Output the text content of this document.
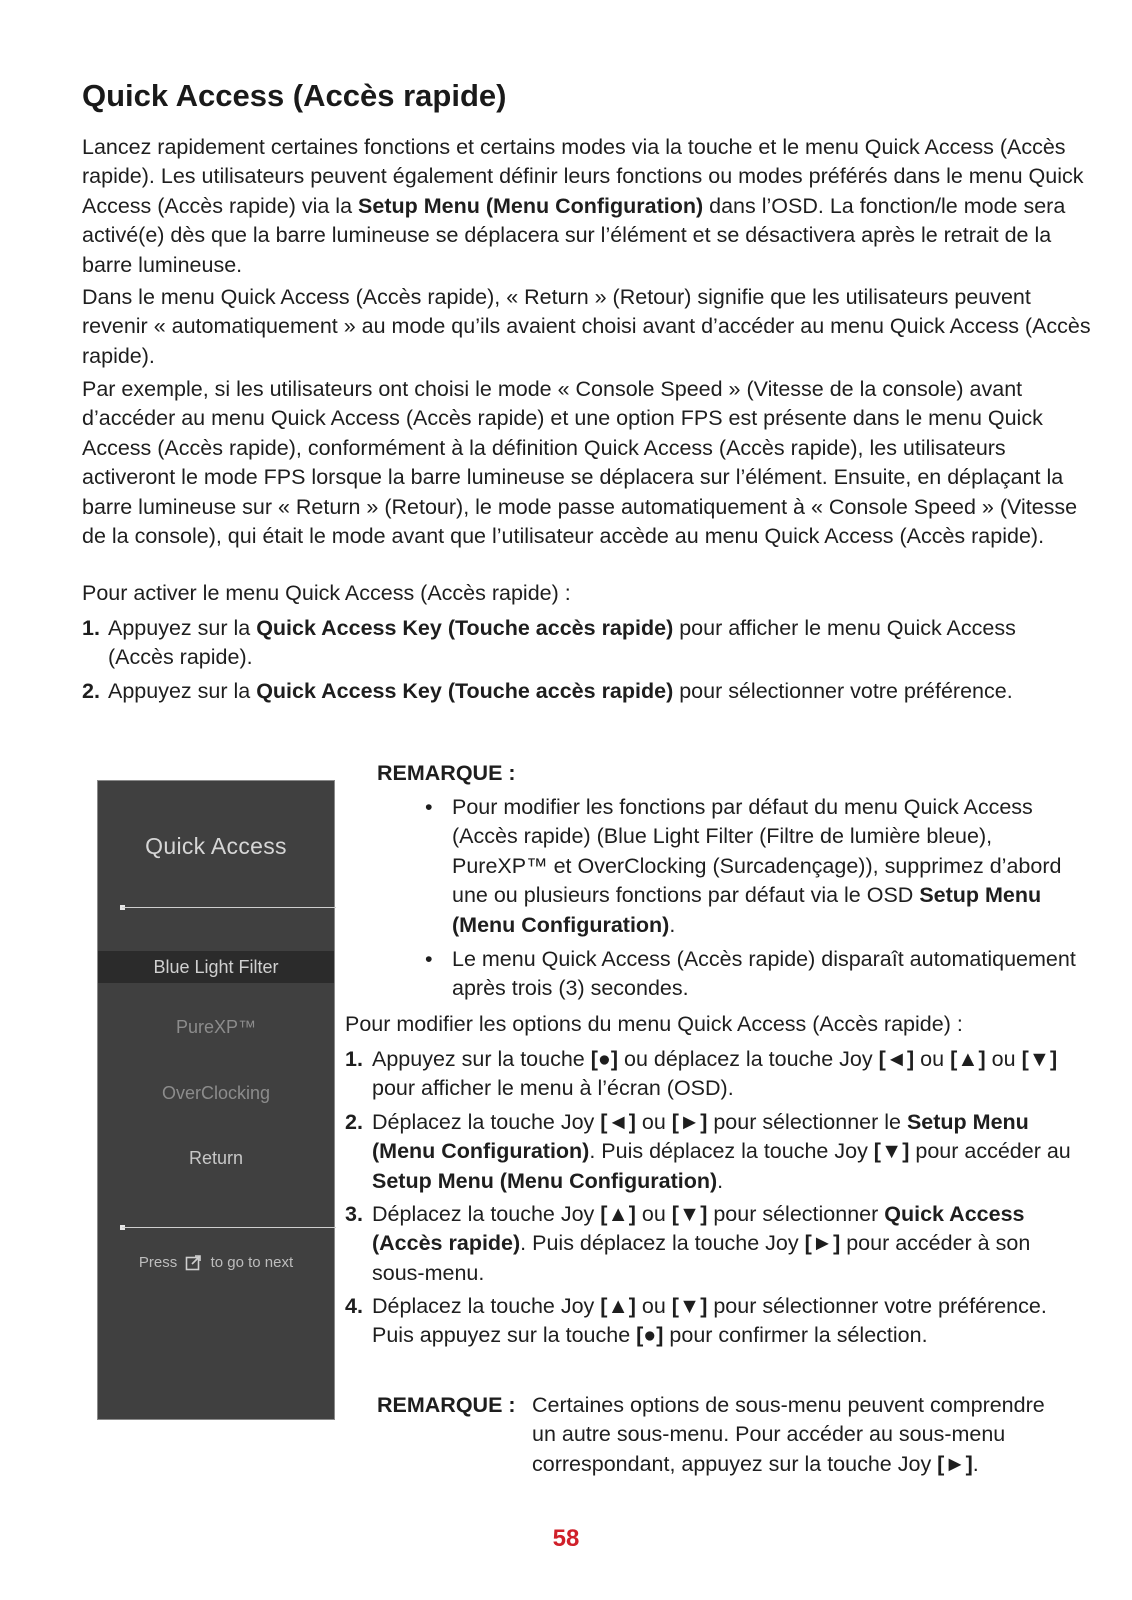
Quick Access (Accès rapide)

Lancez rapidement certaines fonctions et certains modes via la touche et le menu Quick Access (Accès rapide). Les utilisateurs peuvent également définir leurs fonctions ou modes préférés dans le menu Quick Access (Accès rapide) via la Setup Menu (Menu Configuration) dans l’OSD. La fonction/le mode sera activé(e) dès que la barre lumineuse se déplacera sur l’élément et se désactivera après le retrait de la barre lumineuse.

Dans le menu Quick Access (Accès rapide), « Return » (Retour) signifie que les utilisateurs peuvent revenir « automatiquement » au mode qu’ils avaient choisi avant d’accéder au menu Quick Access (Accès rapide).

Par exemple, si les utilisateurs ont choisi le mode « Console Speed » (Vitesse de la console) avant d’accéder au menu Quick Access (Accès rapide) et une option FPS est présente dans le menu Quick Access (Accès rapide), conformément à la définition Quick Access (Accès rapide), les utilisateurs activeront le mode FPS lorsque la barre lumineuse se déplacera sur l’élément. Ensuite, en déplaçant la barre lumineuse sur « Return » (Retour), le mode passe automatiquement à « Console Speed » (Vitesse de la console), qui était le mode avant que l’utilisateur accède au menu Quick Access (Accès rapide).

Pour activer le menu Quick Access (Accès rapide) :

1. Appuyez sur la Quick Access Key (Touche accès rapide) pour afficher le menu Quick Access (Accès rapide).
2. Appuyez sur la Quick Access Key (Touche accès rapide) pour sélectionner votre préférence.
Quick Access
Blue Light Filter
PureXP™
OverClocking
Return
Press to go to next
REMARQUE :
• Pour modifier les fonctions par défaut du menu Quick Access (Accès rapide) (Blue Light Filter (Filtre de lumière bleue), PureXP™ et OverClocking (Surcadençage)), supprimez d’abord une ou plusieurs fonctions par défaut via le OSD Setup Menu (Menu Configuration).
• Le menu Quick Access (Accès rapide) disparaît automatiquement après trois (3) secondes.
Pour modifier les options du menu Quick Access (Accès rapide) :
1. Appuyez sur la touche [●] ou déplacez la touche Joy [◄] ou [▲] ou [▼] pour afficher le menu à l’écran (OSD).
2. Déplacez la touche Joy [◄] ou [►] pour sélectionner le Setup Menu (Menu Configuration). Puis déplacez la touche Joy [▼] pour accéder au Setup Menu (Menu Configuration).
3. Déplacez la touche Joy [▲] ou [▼] pour sélectionner Quick Access (Accès rapide). Puis déplacez la touche Joy [►] pour accéder à son sous-menu.
4. Déplacez la touche Joy [▲] ou [▼] pour sélectionner votre préférence. Puis appuyez sur la touche [●] pour confirmer la sélection.
REMARQUE : Certaines options de sous-menu peuvent comprendre un autre sous-menu. Pour accéder au sous-menu correspondant, appuyez sur la touche Joy [►].
58
